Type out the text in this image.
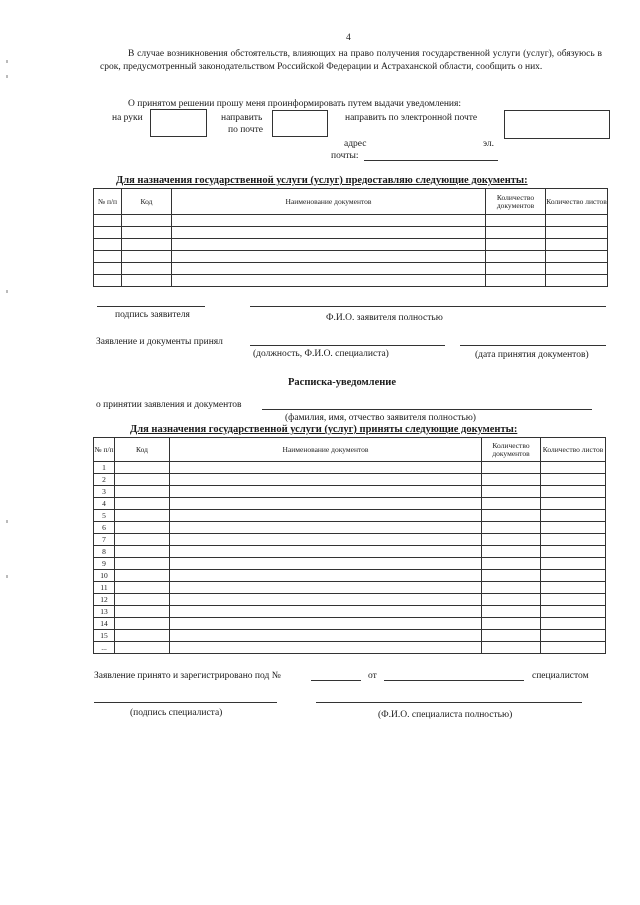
4
В случае возникновения обстоятельств, влияющих на право получения государственной услуги (услуг), обязуюсь в срок, предусмотренный законодательством Российской Федерации и Астраханской области, сообщить о них.
О принятом решении прошу меня проинформировать путем выдачи уведомления:
на руки	направить
по почте
направить по электронной почте
адрес	эл.
почты:
Для назначения государственной услуги (услуг) предоставляю следующие документы:
№ п/п	Код	Наименование документов	Количество документов	Количество листов

подпись заявителя	Ф.И.О. заявителя полностью
Заявление и документы принял
(должность, Ф.И.О. специалиста)	(дата принятия документов)
Расписка-уведомление
о принятии заявления и документов
(фамилия, имя, отчество заявителя полностью)
Для назначения государственной услуги (услуг) приняты следующие документы:
№ п/п	Код	Наименование документов	Количество документов	Количество листов
1				
2				
3				
4				
5				
6				
7				
8				
9				
10				
11				
12				
13				
14				
15				
...				
Заявление принято и зарегистрировано под №	от	специалистом
(подпись специалиста)	(Ф.И.О. специалиста полностью)
